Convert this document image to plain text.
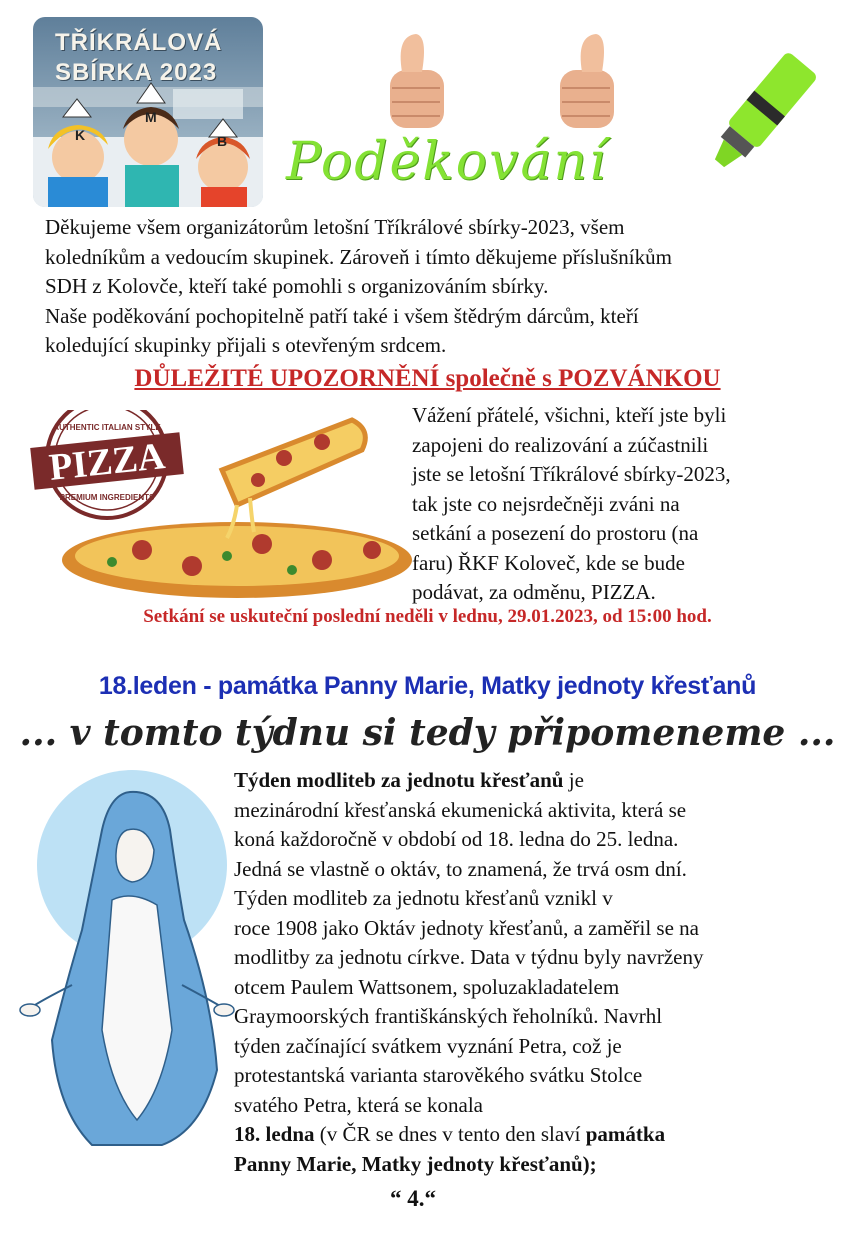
TŘÍKRÁLOVÁ
SBÍRKA 2023
K
M
B Poděkování
Děkujeme všem organizátorům letošní Tříkrálové sbírky-2023, všem
koledníkům a vedoucím skupinek. Zároveň i tímto děkujeme příslušníkům
SDH z Kolovče, kteří také pomohli s organizováním sbírky.
Naše poděkování pochopitelně patří také i všem štědrým dárcům, kteří
koledující skupinky přijali s otevřeným srdcem.
DŮLEŽITÉ UPOZORNĚNÍ společně s POZVÁNKOU
PIZZA
AUTHENTIC ITALIAN STYLE
PREMIUM INGREDIENTS
Vážení přátelé, všichni, kteří jste byli
zapojeni do realizování a zúčastnili
jste se letošní Tříkrálové sbírky-2023,
tak jste co nejsrdečněji zváni na
setkání a posezení do prostoru (na
faru) ŘKF Koloveč, kde se bude
podávat, za odměnu, PIZZA.
Setkání se uskuteční poslední neděli v lednu, 29.01.2023, od 15:00 hod.
18.leden - památka Panny Marie, Matky jednoty křesťanů
... v tomto týdnu si tedy připomeneme ...
Týden modliteb za jednotu křesťanů je
mezinárodní křesťanská ekumenická aktivita, která se
koná každoročně v období od 18. ledna do 25. ledna.
Jedná se vlastně o oktáv, to znamená, že trvá osm dní.
Týden modliteb za jednotu křesťanů vznikl v
roce 1908 jako Oktáv jednoty křesťanů, a zaměřil se na
modlitby za jednotu církve. Data v týdnu byly navrženy
otcem Paulem Wattsonem, spoluzakladatelem
Graymoorských františkánských řeholníků. Navrhl
týden začínající svátkem vyznání Petra, což je
protestantská varianta starověkého svátku Stolce
svatého Petra, která se konala
18. ledna (v ČR se dnes v tento den slaví památka
Panny Marie, Matky jednoty křesťanů);
“ 4.“
